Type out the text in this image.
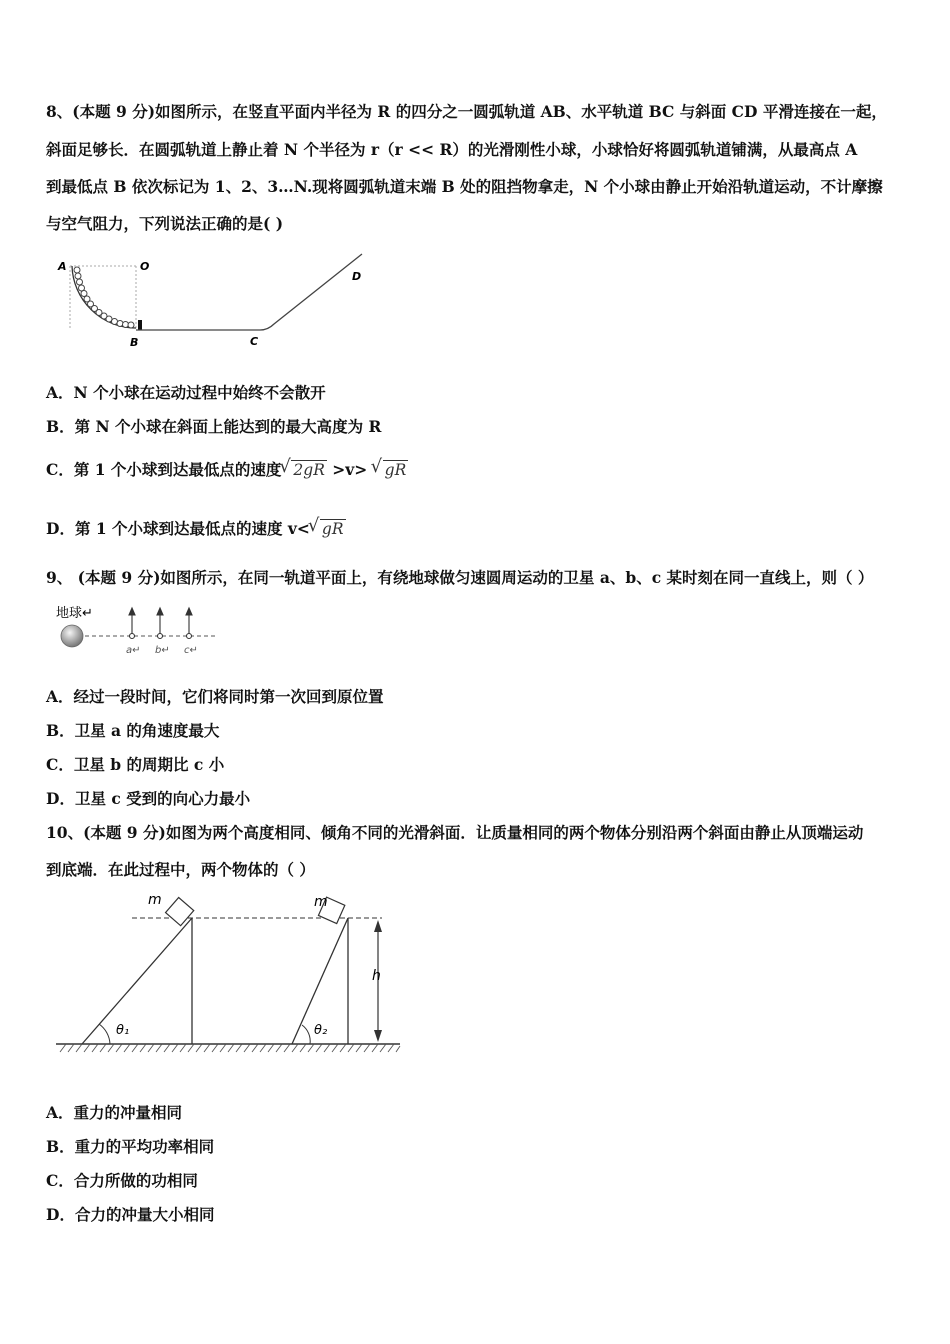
8、(本题 9 分)如图所示，在竖直平面内半径为 R 的四分之一圆弧轨道 AB、水平轨道 BC 与斜面 CD 平滑连接在一起，
斜面足够长．在圆弧轨道上静止着 N 个半径为 r（r << R）的光滑刚性小球，小球恰好将圆弧轨道铺满，从最高点 A
到最低点 B 依次标记为 1、2、3…N.现将圆弧轨道末端 B 处的阻挡物拿走，N 个小球由静止开始沿轨道运动，不计摩擦
与空气阻力，下列说法正确的是( )
A	O
B	C
D
A．N 个小球在运动过程中始终不会散开
B．第 N 个小球在斜面上能达到的最大高度为 R
C．第 1 个小球到达最低点的速度 √ 2gR >v> √ gR
D．第 1 个小球到达最低点的速度 v< √ gR
9、 (本题 9 分)如图所示，在同一轨道平面上，有绕地球做匀速圆周运动的卫星 a、b、c 某时刻在同一直线上，则（ ）
地球↵
a↵ b↵ c↵
A．经过一段时间，它们将同时第一次回到原位置
B．卫星 a 的角速度最大
C．卫星 b 的周期比 c 小
D．卫星 c 受到的向心力最小
10、(本题 9 分)如图为两个高度相同、倾角不同的光滑斜面．让质量相同的两个物体分别沿两个斜面由静止从顶端运动
到底端．在此过程中，两个物体的（ ）
m	m
h
θ₁	θ₂
A．重力的冲量相同
B．重力的平均功率相同
C．合力所做的功相同
D．合力的冲量大小相同
